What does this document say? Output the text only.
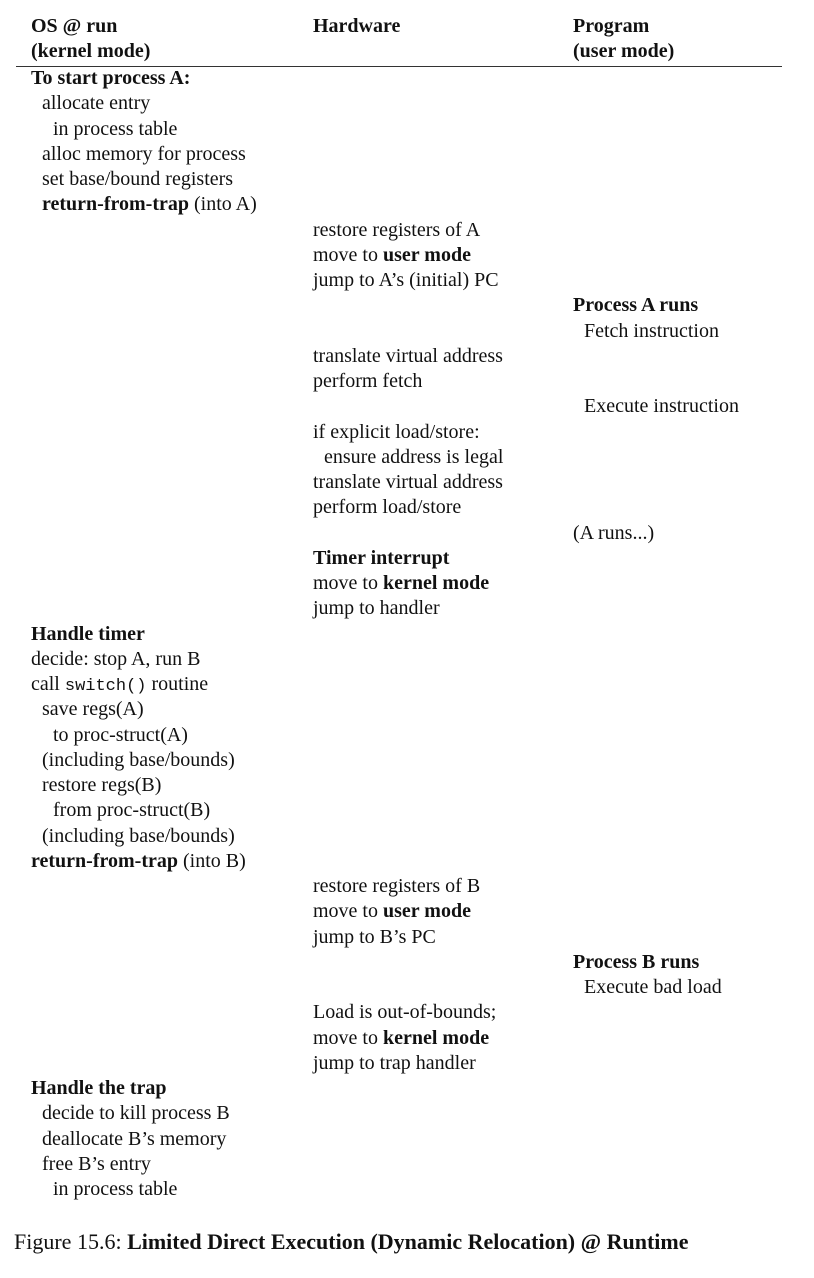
OS @ run
(kernel mode)
Hardware	Program
(user mode)
To start process A:
allocate entry
in process table
alloc memory for process
set base/bound registers
return-from-trap (into A)
Handle timer
decide: stop A, run B
call switch() routine
save regs(A)
to proc-struct(A)
(including base/bounds)
restore regs(B)
from proc-struct(B)
(including base/bounds)
return-from-trap (into B)
Handle the trap
decide to kill process B
deallocate B’s memory
free B’s entry
in process table
restore registers of A
move to user mode
jump to A’s (initial) PC
translate virtual address
perform fetch
if explicit load/store:
ensure address is legal
translate virtual address
perform load/store
Timer interrupt
move to kernel mode
jump to handler
restore registers of B
move to user mode
jump to B’s PC
Load is out-of-bounds;
move to kernel mode
jump to trap handler
Process A runs
Fetch instruction
Execute instruction
(A runs...)
Process B runs
Execute bad load
Figure 15.6: Limited Direct Execution (Dynamic Relocation) @ Runtime
